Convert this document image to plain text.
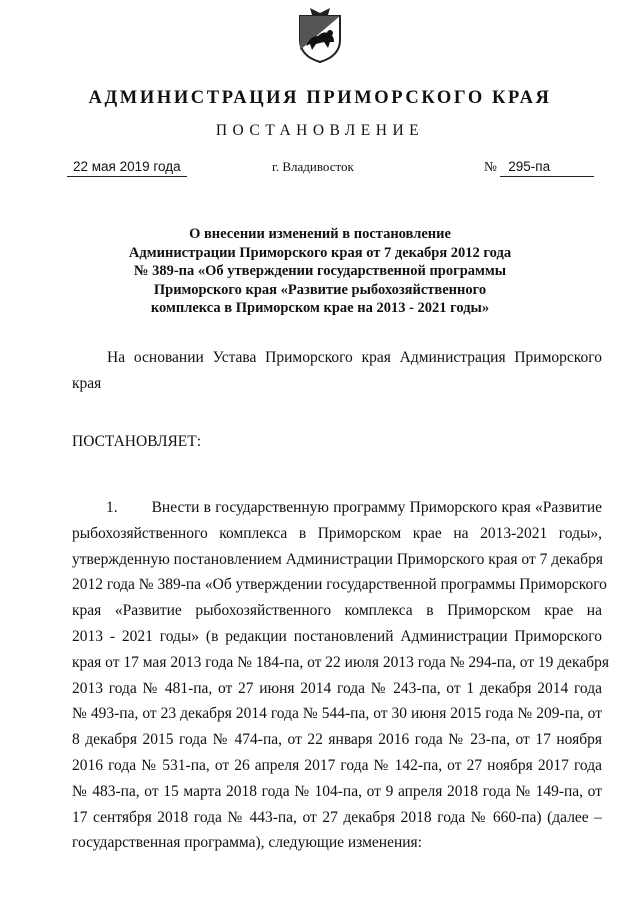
АДМИНИСТРАЦИЯ ПРИМОРСКОГО КРАЯ
ПОСТАНОВЛЕНИЕ
22 мая 2019 года	г. Владивосток	№ 295-па
О внесении изменений в постановление
Администрации Приморского края от 7 декабря 2012 года
№ 389-па «Об утверждении государственной программы
Приморского края «Развитие рыбохозяйственного
комплекса в Приморском крае на 2013 - 2021 годы»
На  основании  Устава  Приморского  края  Администрация  Приморского
края
ПОСТАНОВЛЯЕТ:
1.        Внести в государственную программу Приморского края «Развитие
рыбохозяйственного комплекса в Приморском крае на 2013-2021 годы»,
утвержденную постановлением Администрации Приморского края от 7 декабря
2012 года № 389-па «Об утверждении государственной программы Приморского
края «Развитие рыбохозяйственного комплекса в Приморском крае на
2013 - 2021 годы» (в редакции постановлений Администрации Приморского
края от 17 мая 2013 года № 184-па, от 22 июля 2013 года № 294-па, от 19 декабря
2013 года № 481-па, от 27 июня 2014 года № 243-па, от 1 декабря 2014 года
№ 493-па, от 23 декабря 2014 года № 544-па, от 30 июня 2015 года № 209-па, от
8 декабря 2015 года № 474-па, от 22 января 2016 года № 23-па, от 17 ноября
2016 года № 531-па, от 26 апреля 2017 года № 142-па, от 27 ноября 2017 года
№ 483-па, от 15 марта 2018 года № 104-па, от 9 апреля 2018 года № 149-па, от
17 сентября 2018 года № 443-па, от 27 декабря 2018 года № 660-па) (далее –
государственная программа), следующие изменения:
